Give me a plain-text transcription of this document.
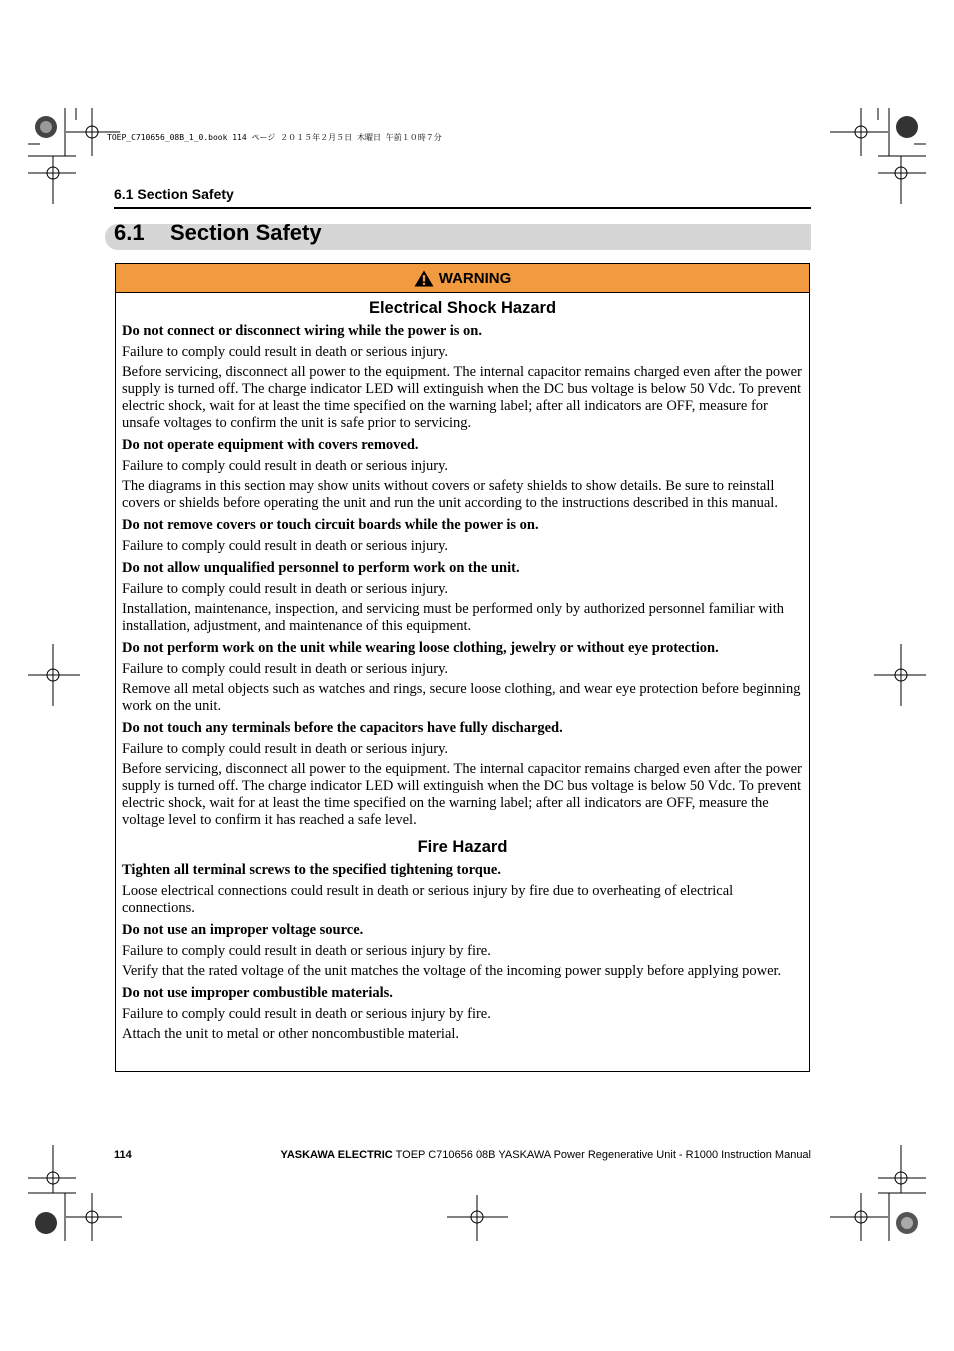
TOEP_C710656_08B_1_0.book 114 ページ ２０１５年２月５日 木曜日 午前１０時７分
6.1 Section Safety
6.1 Section Safety
WARNING

Electrical Shock Hazard

Do not connect or disconnect wiring while the power is on.

Failure to comply could result in death or serious injury.

Before servicing, disconnect all power to the equipment. The internal capacitor remains charged even after the power supply is turned off. The charge indicator LED will extinguish when the DC bus voltage is below 50 Vdc. To prevent electric shock, wait for at least the time specified on the warning label; after all indicators are OFF, measure for unsafe voltages to confirm the unit is safe prior to servicing.

Do not operate equipment with covers removed.

Failure to comply could result in death or serious injury.

The diagrams in this section may show units without covers or safety shields to show details. Be sure to reinstall covers or shields before operating the unit and run the unit according to the instructions described in this manual.

Do not remove covers or touch circuit boards while the power is on.

Failure to comply could result in death or serious injury.

Do not allow unqualified personnel to perform work on the unit.

Failure to comply could result in death or serious injury.

Installation, maintenance, inspection, and servicing must be performed only by authorized personnel familiar with installation, adjustment, and maintenance of this equipment.

Do not perform work on the unit while wearing loose clothing, jewelry or without eye protection.

Failure to comply could result in death or serious injury.

Remove all metal objects such as watches and rings, secure loose clothing, and wear eye protection before beginning work on the unit.

Do not touch any terminals before the capacitors have fully discharged.

Failure to comply could result in death or serious injury.

Before servicing, disconnect all power to the equipment. The internal capacitor remains charged even after the power supply is turned off. The charge indicator LED will extinguish when the DC bus voltage is below 50 Vdc. To prevent electric shock, wait for at least the time specified on the warning label; after all indicators are OFF, measure the voltage level to confirm it has reached a safe level.

Fire Hazard

Tighten all terminal screws to the specified tightening torque.

Loose electrical connections could result in death or serious injury by fire due to overheating of electrical connections.

Do not use an improper voltage source.

Failure to comply could result in death or serious injury by fire.

Verify that the rated voltage of the unit matches the voltage of the incoming power supply before applying power.

Do not use improper combustible materials.

Failure to comply could result in death or serious injury by fire.

Attach the unit to metal or other noncombustible material.

114	YASKAWA ELECTRIC TOEP C710656 08B YASKAWA Power Regenerative Unit - R1000 Instruction Manual
